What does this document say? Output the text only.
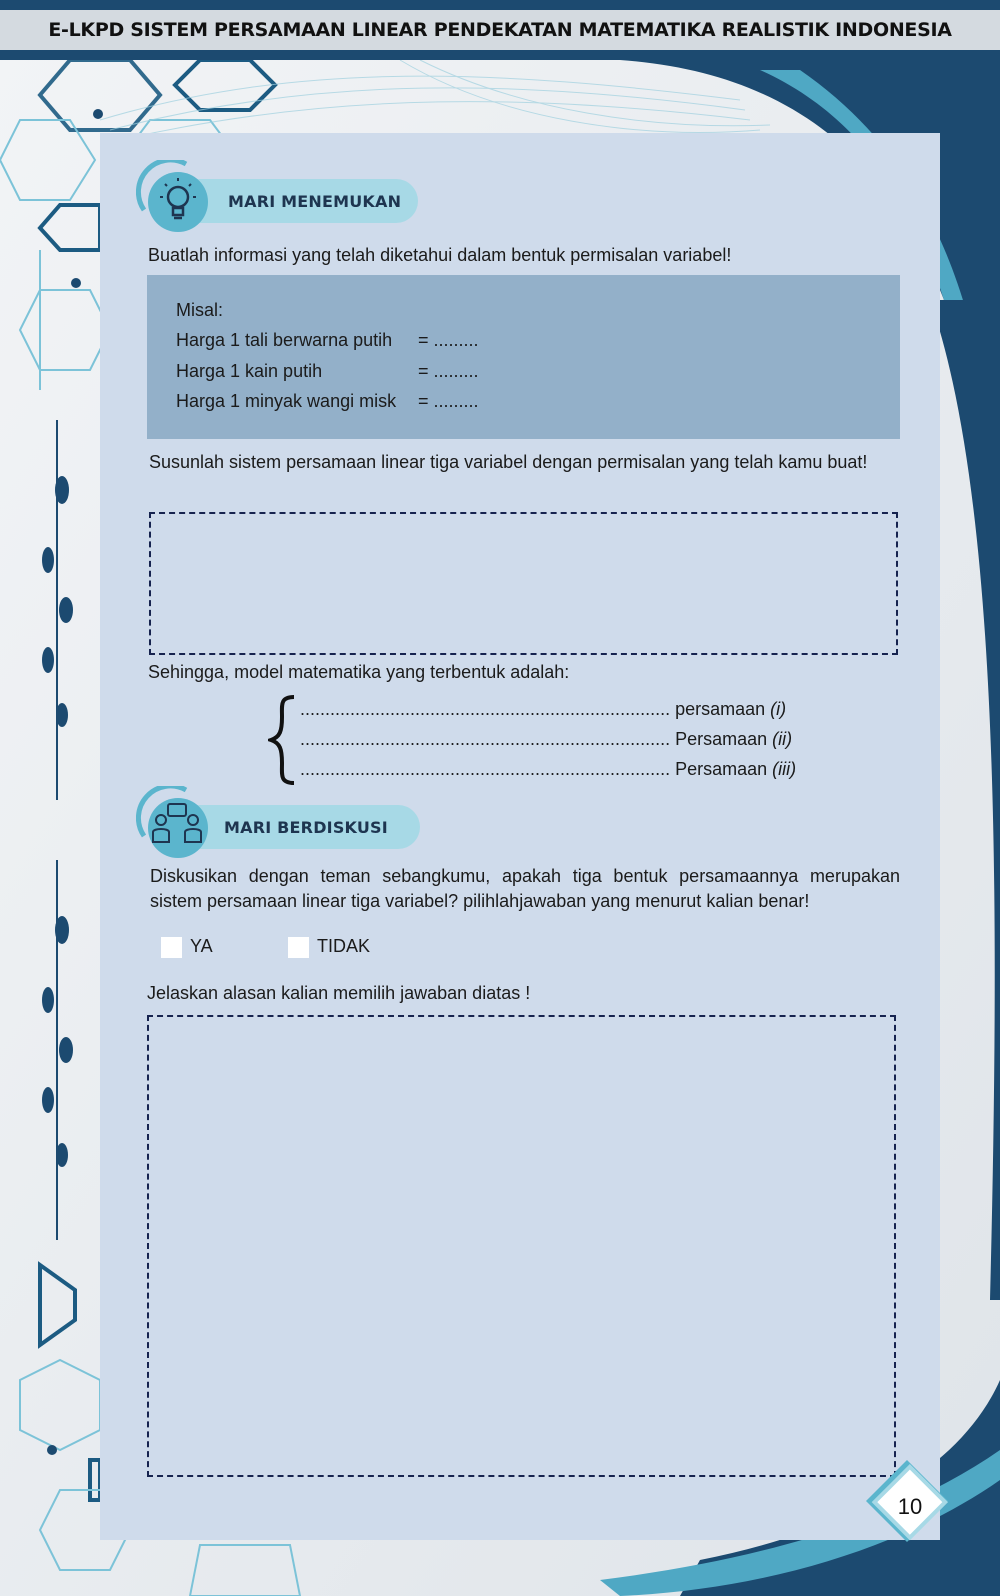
E-LKPD SISTEM PERSAMAAN LINEAR PENDEKATAN MATEMATIKA REALISTIK INDONESIA
MARI MENEMUKAN
Buatlah informasi yang telah diketahui dalam bentuk permisalan variabel!
Misal:
Harga 1 tali berwarna putih = .........
Harga 1 kain putih	= .........
Harga 1 minyak wangi misk = .........
Susunlah sistem persamaan linear tiga variabel dengan permisalan yang telah kamu buat!
Sehingga, model matematika yang terbentuk adalah:
.......................................................................... persamaan (i)
.......................................................................... Persamaan (ii)
.......................................................................... Persamaan (iii)
MARI BERDISKUSI
Diskusikan dengan teman sebangkumu, apakah tiga bentuk persamaannya merupakan sistem persamaan linear tiga variabel? pilihlahjawaban yang menurut kalian benar!
YA	TIDAK
Jelaskan alasan kalian memilih jawaban diatas !
10
